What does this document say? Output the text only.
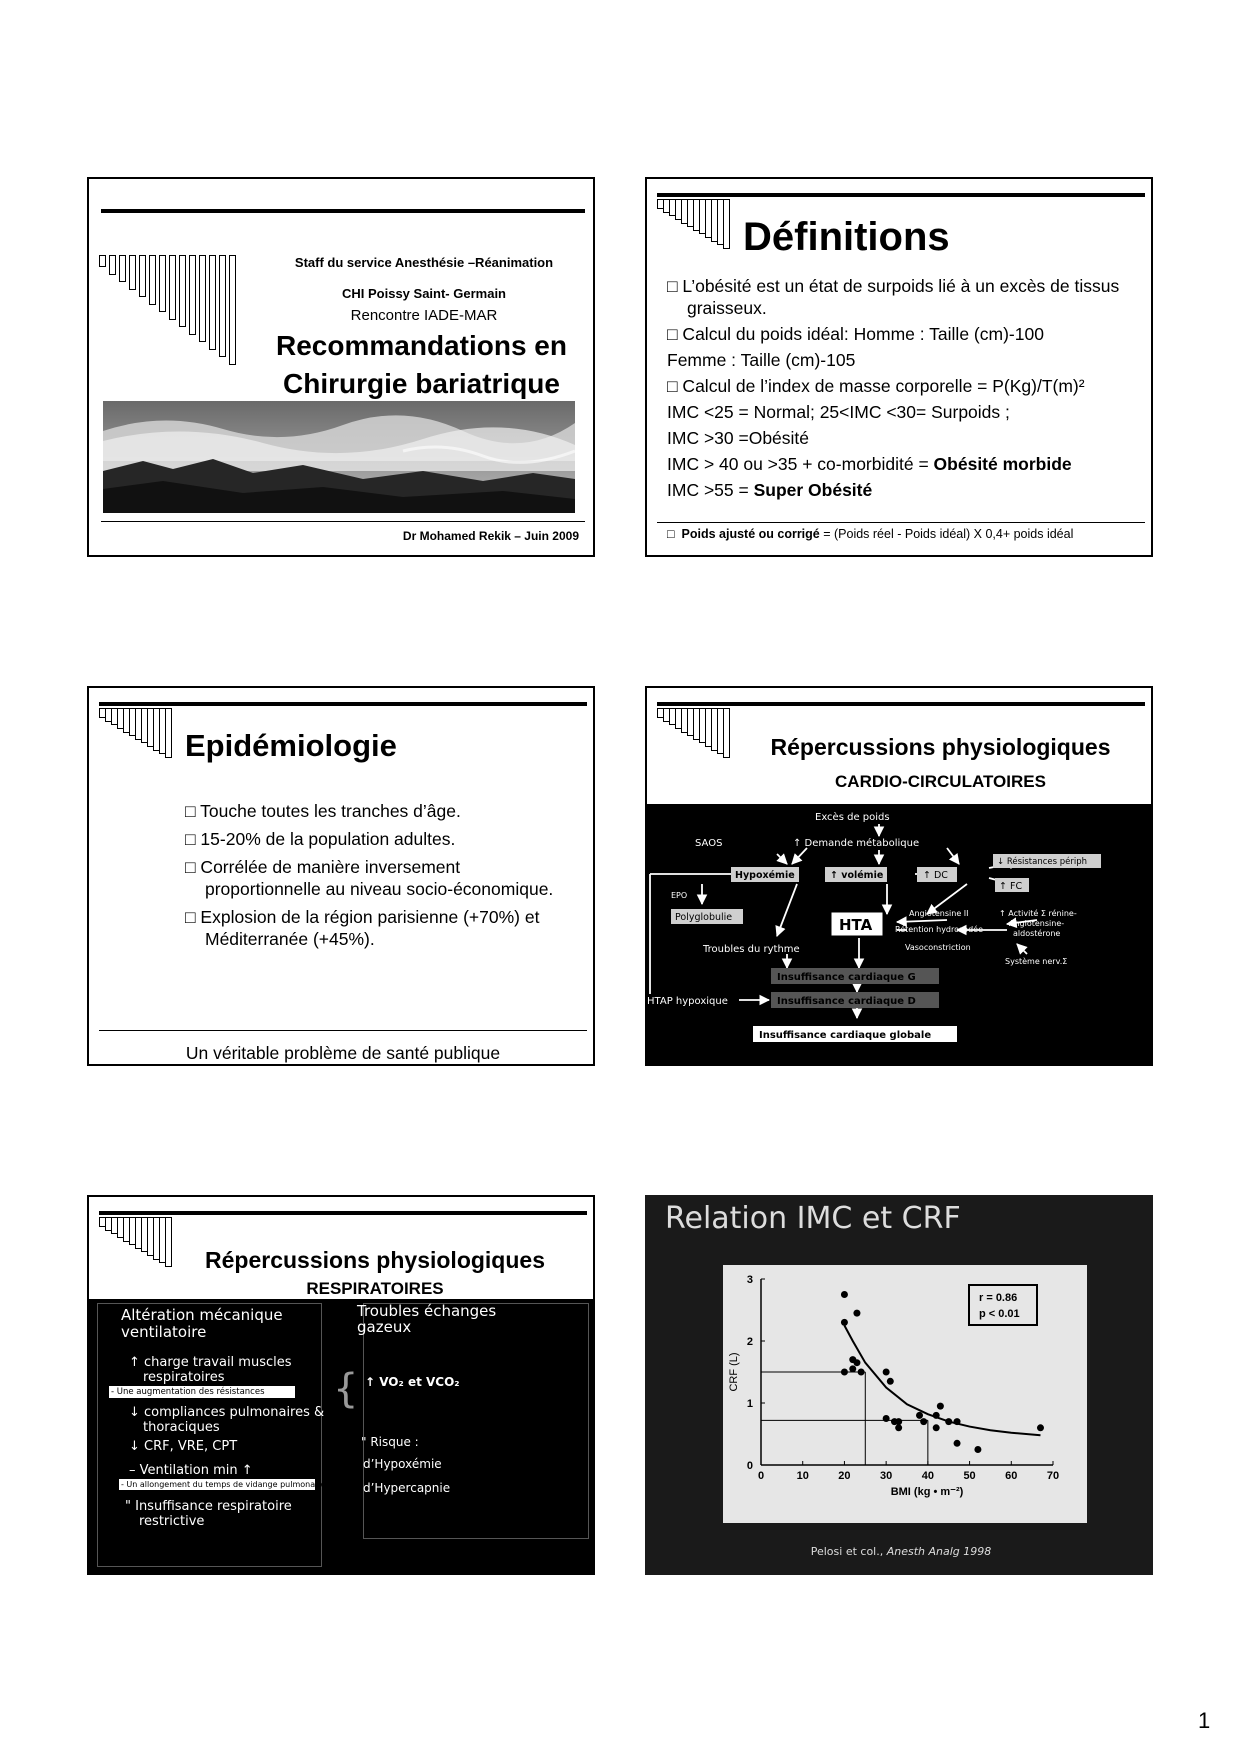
Staff du service Anesthésie –Réanimation
CHI Poissy Saint- Germain
Rencontre IADE-MAR
Recommandations en
Chirurgie bariatrique
Dr Mohamed Rekik – Juin 2009
Définitions
□ L’obésité est un état de surpoids lié à un excès de tissus graisseux.
□ Calcul du poids idéal: Homme : Taille (cm)-100
Femme : Taille (cm)-105
□ Calcul de l’index de masse corporelle = P(Kg)/T(m)²
IMC <25 = Normal; 25<IMC <30= Surpoids ;
IMC >30 =Obésité
IMC > 40 ou >35 + co-morbidité = Obésité morbide
IMC >55 = Super Obésité
□ Poids ajusté ou corrigé = (Poids réel - Poids idéal) X 0,4+ poids idéal
Epidémiologie
□ Touche toutes les tranches d’âge.
□ 15-20% de la population adultes.
□ Corrélée de manière inversement proportionnelle au niveau socio-économique.
□ Explosion de la région parisienne (+70%) et Méditerranée (+45%).
Un véritable problème de santé publique
Répercussions physiologiques
CARDIO-CIRCULATOIRES
Excès de poids
SAOS	↑ Demande métabolique
Hypoxémie	↑ volémie	↑ DC
↓ Résistances périph
↑ FC
EPO
Polyglobulie	HTA
Angiotensine II
Rétention hydrosodée
Vasoconstriction
↑ Activité Σ rénine-
Angiotensine-
aldostérone
Troubles du rythme
Système nerv.Σ
Insuffisance cardiaque G
HTAP hypoxique	Insuffisance cardiaque D
Insuffisance cardiaque globale
Répercussions physiologiques
RESPIRATOIRES
Altération mécanique
ventilatoire
↑ charge travail muscles
respiratoires
- Une augmentation des résistances
↓ compliances pulmonaires &
thoraciques
↓ CRF, VRE, CPT
– Ventilation min ↑
- Un allongement du temps de vidange pulmonaire
" Insuffisance respiratoire
restrictive
Troubles échanges
gazeux
{ ↑ VO₂ et VCO₂
" Risque :
d’Hypoxémie
d’Hypercapnie
Relation IMC et CRF
0	10	20	30	40	50	60	70
0
1
2
3
BMI (kg • m⁻²)
CRF (L)
r = 0.86
p < 0.01
Pelosi et col., Anesth Analg 1998
1
